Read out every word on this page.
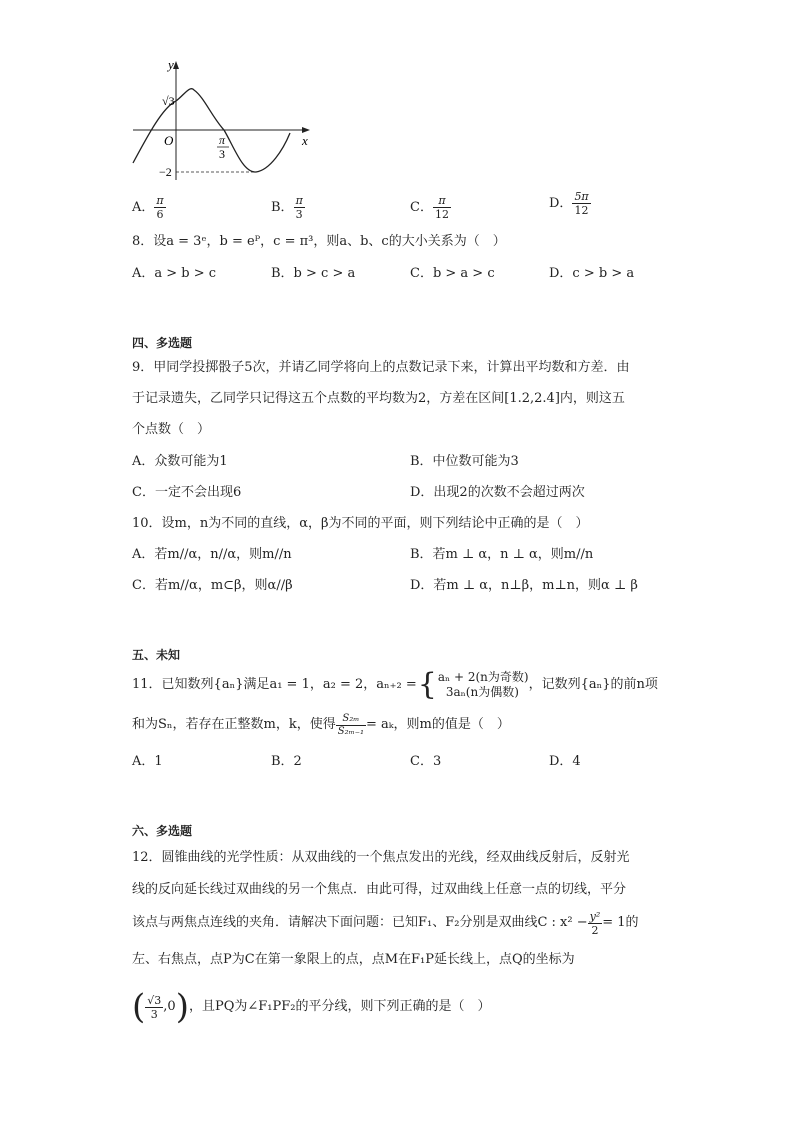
y
x
O
√3
−2
π
3
A． $\frac{\pi}{6}$	B． $\frac{\pi}{3}$	C． $\frac{\pi}{12}$	D． $\frac{5\pi}{12}$
8．设a = 3ᵉ，b = eᴾ，c = π³，则a、b、c的大小关系为（　）
A．a > b > c	B．b > c > a	C．b > a > c	D．c > b > a
四、多选题
9．甲同学投掷骰子5次，并请乙同学将向上的点数记录下来，计算出平均数和方差．由
于记录遗失，乙同学只记得这五个点数的平均数为2，方差在区间[1.2,2.4]内，则这五
个点数（　）
A．众数可能为1	B．中位数可能为3
C．一定不会出现6	D．出现2的次数不会超过两次
10．设m，n为不同的直线，α，β为不同的平面，则下列结论中正确的是（　）
A．若m//α，n//α，则m//n	B．若m ⊥ α，n ⊥ α，则m//n
C．若m//α，m⊂β，则α//β	D．若m ⊥ α，n⊥β，m⊥n，则α ⊥ β
五、未知
11．已知数列{aₙ}满足a₁ = 1，a₂ = 2，aₙ₊₂ = { aₙ + 2(n为奇数)
3aₙ(n为偶数) ，记数列{aₙ}的前n项
和为Sₙ，若存在正整数m，k，使得 $\frac{\text{S₂ₘ}}{\text{S₂ₘ₋₁}} = a_k$，则m的值是（　）
A．1	B．2	C．3	D．4
六、多选题
12．圆锥曲线的光学性质：从双曲线的一个焦点发出的光线，经双曲线反射后，反射光
线的反向延长线过双曲线的另一个焦点．由此可得，过双曲线上任意一点的切线，平分
该点与两焦点连线的夹角．请解决下面问题：已知F₁、F₂分别是双曲线C : $x^2 - \frac{\text{y²}}{2} = 1$的
左、右焦点，点P为C在第一象限上的点，点M在F₁P延长线上，点Q的坐标为
( $\frac{√3}{3} ,0$ ) ，且PQ为∠F₁PF₂的平分线，则下列正确的是（　）
